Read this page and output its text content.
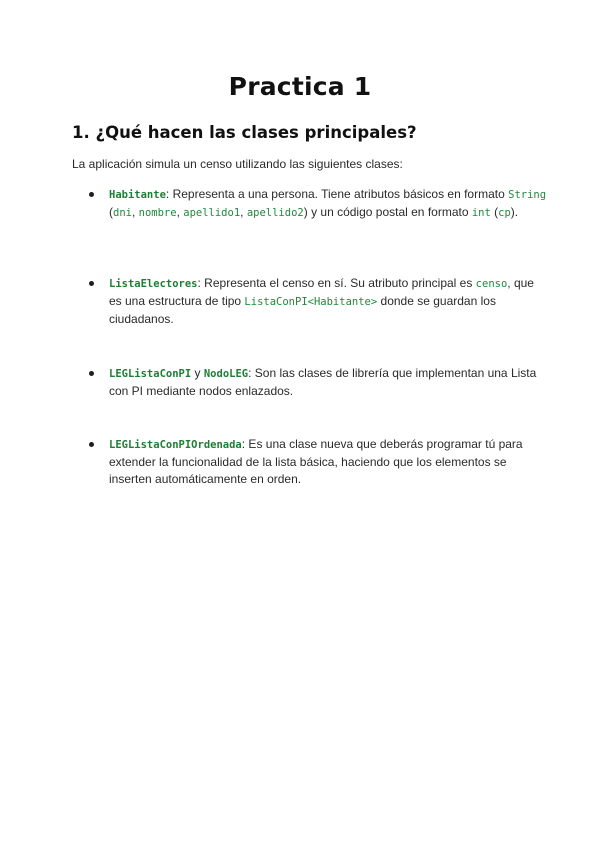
Practica 1
1. ¿Qué hacen las clases principales?

La aplicación simula un censo utilizando las siguientes clases:

Habitante: Representa a una persona. Tiene atributos básicos en formato String (dni, nombre, apellido1, apellido2) y un código postal en formato int (cp).
ListaElectores: Representa el censo en sí. Su atributo principal es censo, que es una estructura de tipo ListaConPI<Habitante> donde se guardan los ciudadanos.
LEGListaConPI y NodoLEG: Son las clases de librería que implementan una Lista con PI mediante nodos enlazados.
LEGListaConPIOrdenada: Es una clase nueva que deberás programar tú para extender la funcionalidad de la lista básica, haciendo que los elementos se inserten automáticamente en orden.
